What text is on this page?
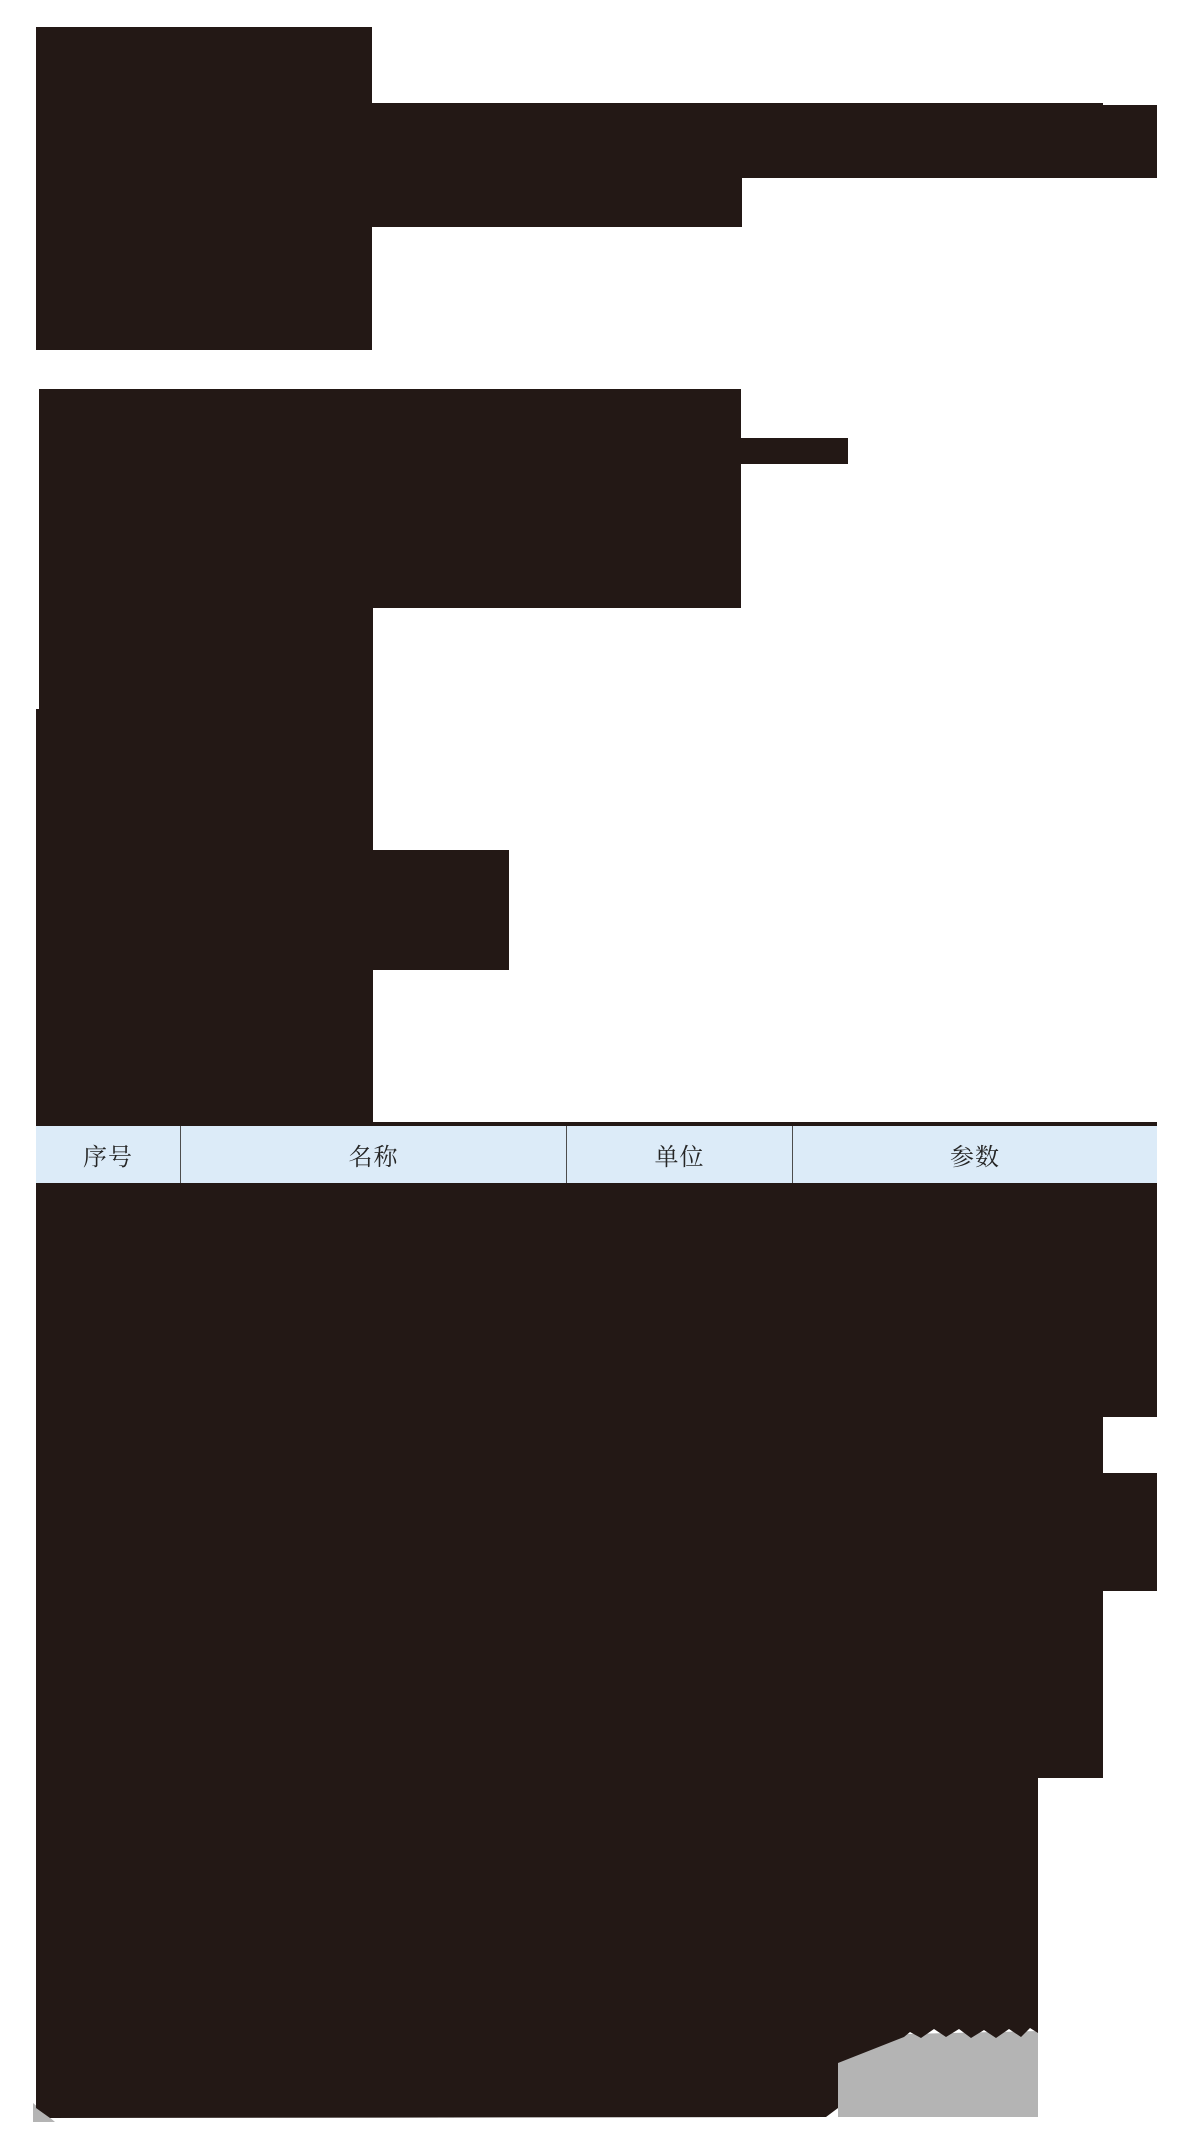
序号	名称	单位	参数
